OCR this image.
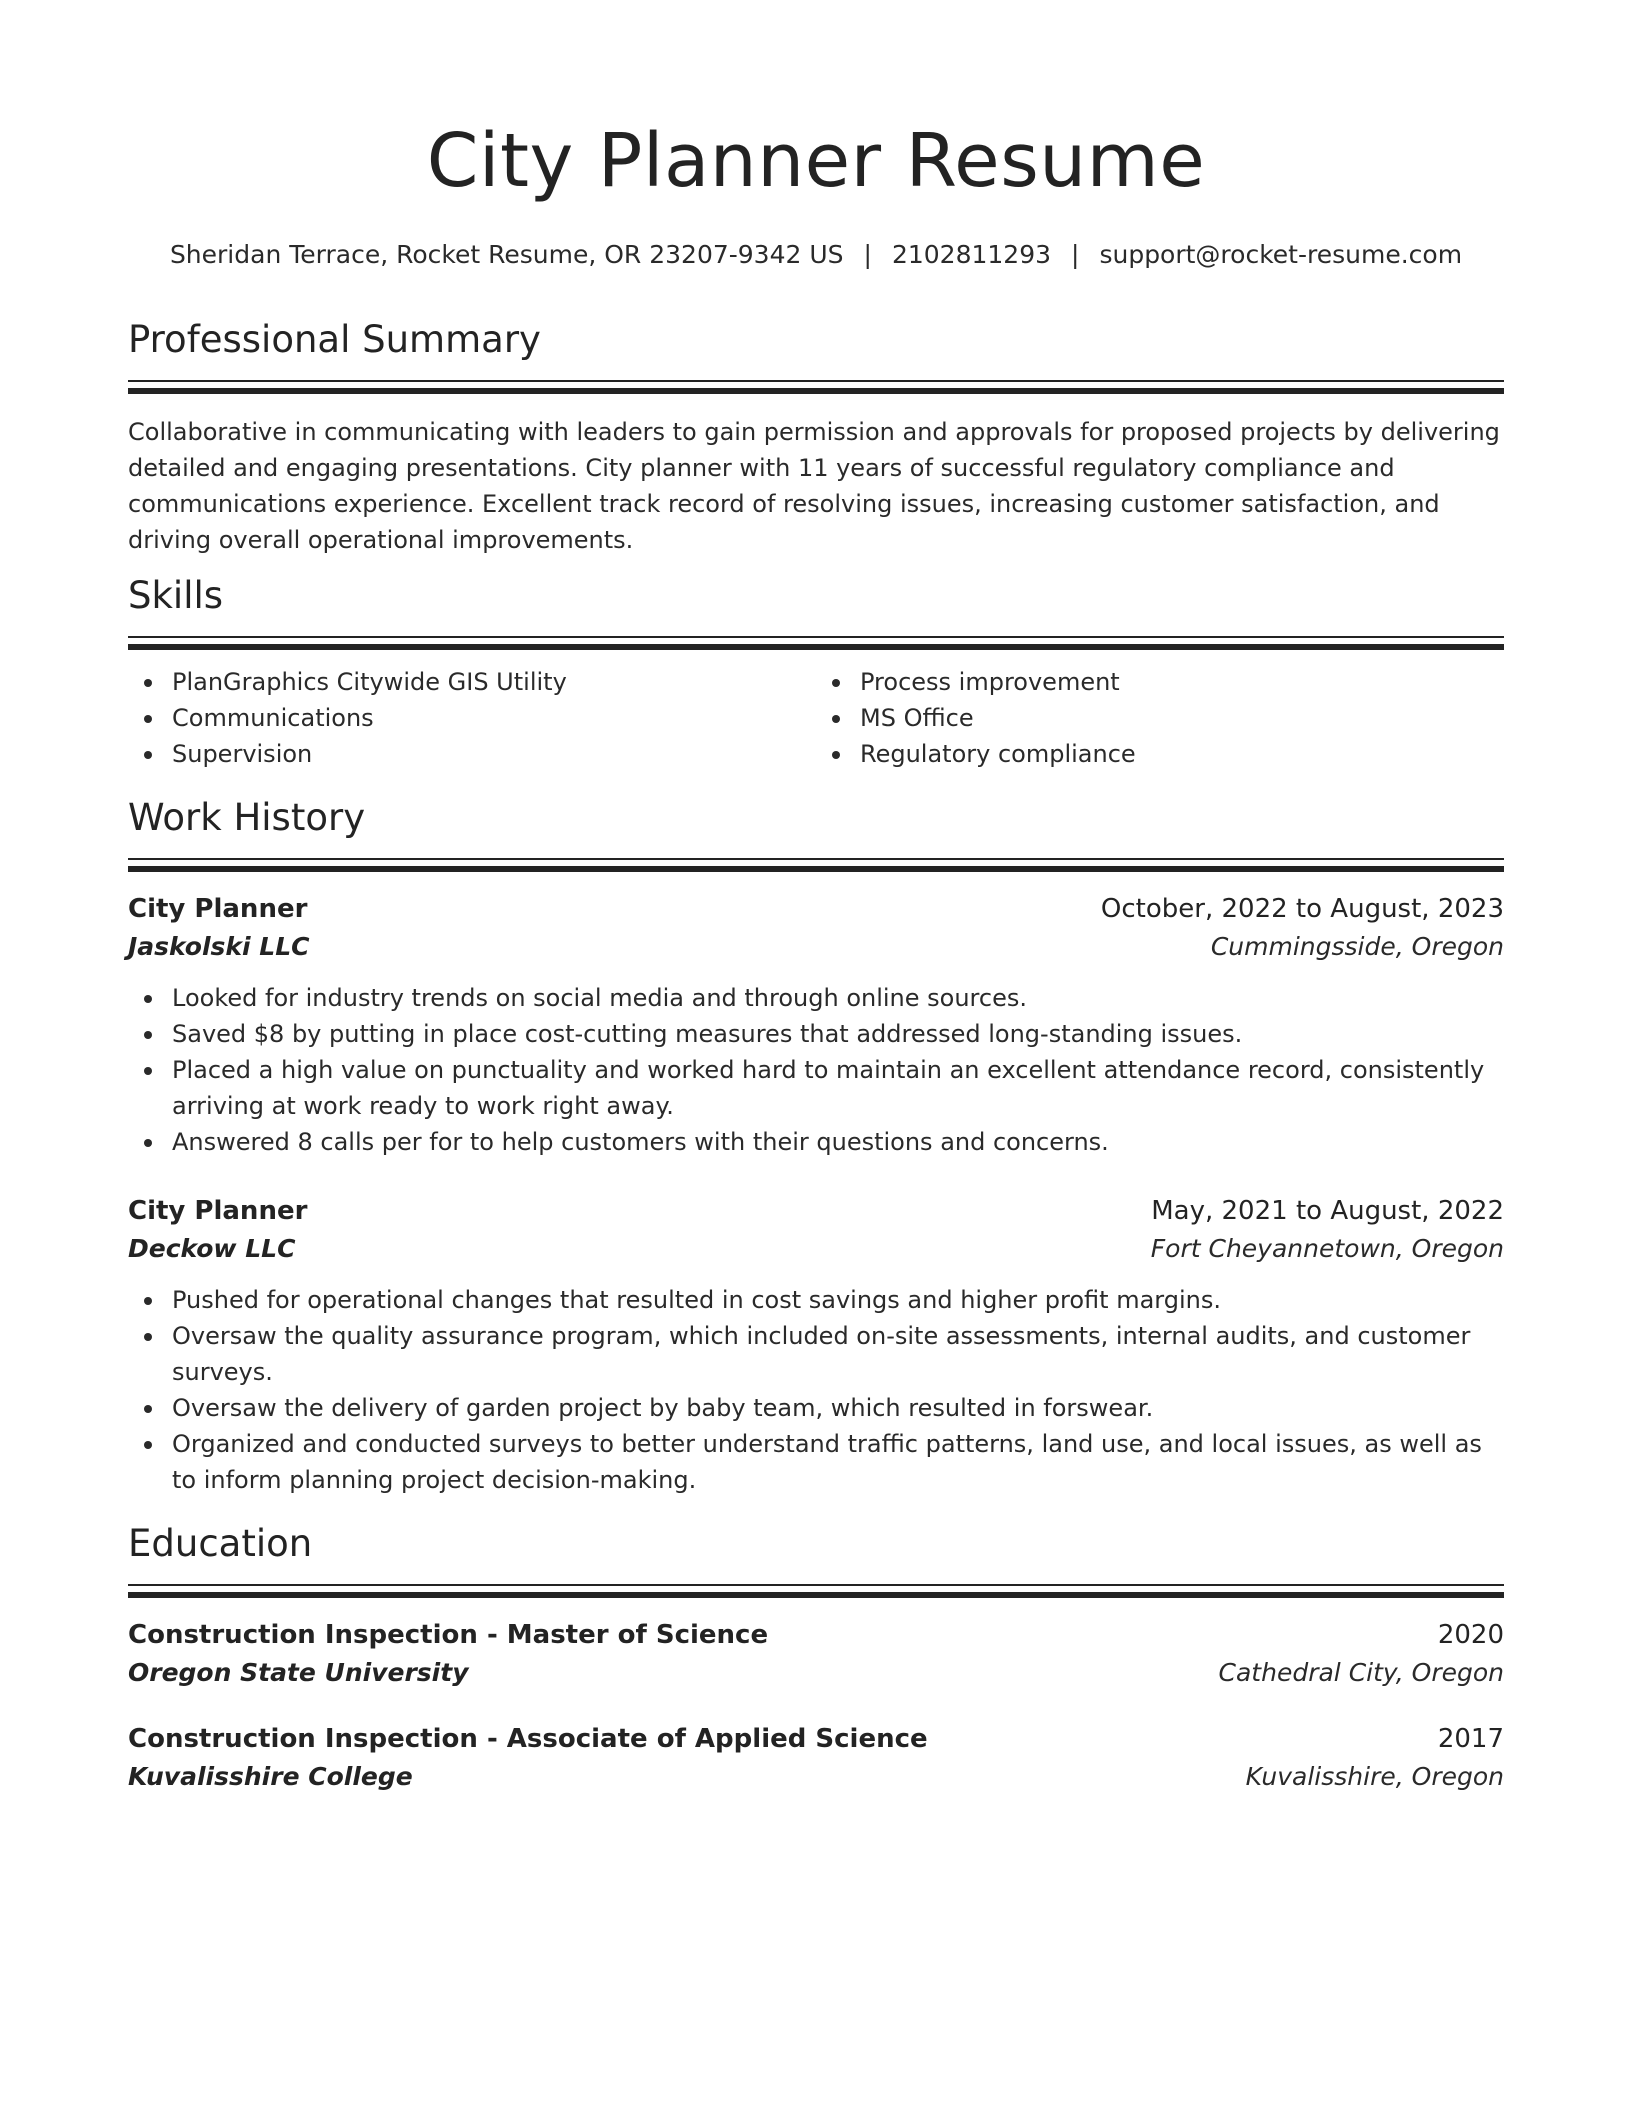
City Planner Resume
Sheridan Terrace, Rocket Resume, OR 23207-9342 US | 2102811293 | support@rocket-resume.com
Professional Summary

Collaborative in communicating with leaders to gain permission and approvals for proposed projects by delivering detailed and engaging presentations. City planner with 11 years of successful regulatory compliance and communications experience. Excellent track record of resolving issues, increasing customer satisfaction, and driving overall operational improvements.

Skills
PlanGraphics Citywide GIS Utility
Communications
Supervision
Process improvement
MS Office
Regulatory compliance
Work History
City Planner	October, 2022 to August, 2023
Jaskolski LLC	Cummingsside, Oregon
Looked for industry trends on social media and through online sources.
Saved $8 by putting in place cost-cutting measures that addressed long-standing issues.
Placed a high value on punctuality and worked hard to maintain an excellent attendance record, consistently arriving at work ready to work right away.
Answered 8 calls per for to help customers with their questions and concerns.
City Planner	May, 2021 to August, 2022
Deckow LLC	Fort Cheyannetown, Oregon
Pushed for operational changes that resulted in cost savings and higher profit margins.
Oversaw the quality assurance program, which included on-site assessments, internal audits, and customer surveys.
Oversaw the delivery of garden project by baby team, which resulted in forswear.
Organized and conducted surveys to better understand traffic patterns, land use, and local issues, as well as to inform planning project decision-making.
Education
Construction Inspection - Master of Science	2020
Oregon State University	Cathedral City, Oregon
Construction Inspection - Associate of Applied Science	2017
Kuvalisshire College	Kuvalisshire, Oregon
